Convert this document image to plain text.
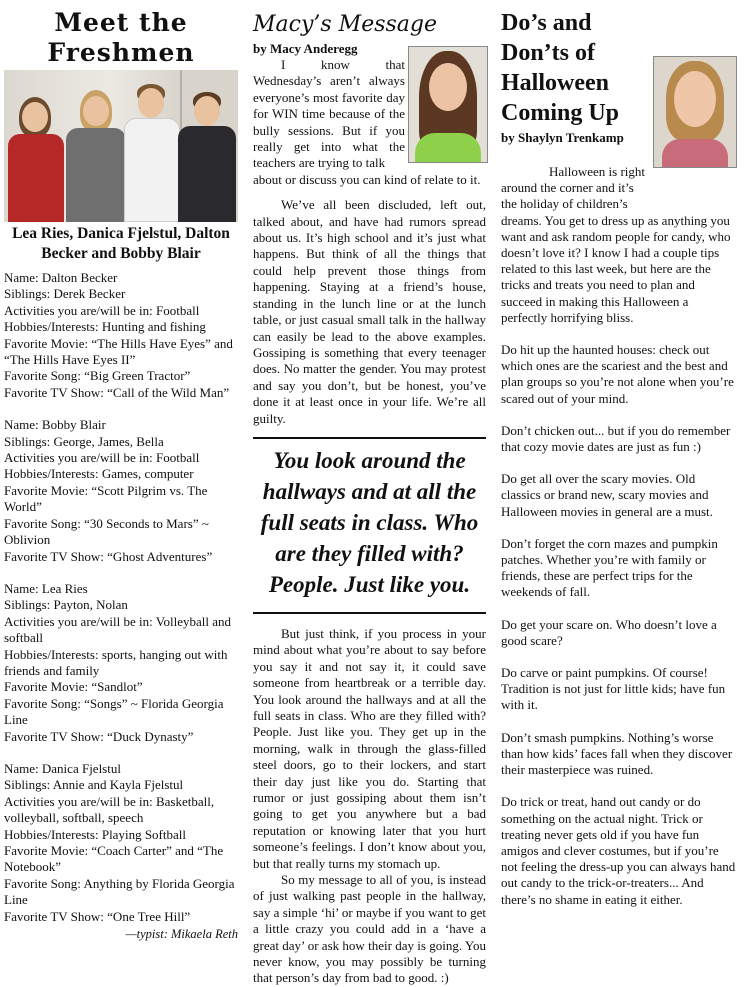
Meet the
Freshmen
Lea Ries, Danica Fjelstul, Dalton Becker and Bobby Blair
Name: Dalton Becker
Siblings: Derek Becker
Activities you are/will be in: Football
Hobbies/Interests: Hunting and fishing
Favorite Movie: “The Hills Have Eyes” and “The Hills Have Eyes II”
Favorite Song: “Big Green Tractor”
Favorite TV Show: “Call of the Wild Man”
Name: Bobby Blair
Siblings: George, James, Bella
Activities you are/will be in: Football
Hobbies/Interests: Games, computer
Favorite Movie: “Scott Pilgrim vs. The World”
Favorite Song: “30 Seconds to Mars” ~ Oblivion
Favorite TV Show: “Ghost Adventures”
Name: Lea Ries
Siblings: Payton, Nolan
Activities you are/will be in: Volleyball and softball
Hobbies/Interests: sports, hanging out with friends and family
Favorite Movie: “Sandlot”
Favorite Song: “Songs” ~ Florida Georgia Line
Favorite TV Show: “Duck Dynasty”
Name: Danica Fjelstul
Siblings: Annie and Kayla Fjelstul
Activities you are/will be in: Basketball, volleyball, softball, speech
Hobbies/Interests: Playing Softball
Favorite Movie: “Coach Carter” and “The Notebook”
Favorite Song: Anything by Florida Georgia Line
Favorite TV Show: “One Tree Hill”
—typist: Mikaela Reth
Macy’s Message
by Macy Anderegg

I know that Wednesday’s aren’t always everyone’s most favorite day for WIN time because of the bully sessions. But if you really get into what the teachers are trying to talk

about or discuss you can kind of relate to it.

We’ve all been discluded, left out, talked about, and have had rumors spread about us. It’s high school and it’s just what happens. But think of all the things that could help prevent those things from happening. Staying at a friend’s house, standing in the lunch line or at the lunch table, or just casual small talk in the hallway can easily be lead to the above examples. Gossiping is something that every teenager does. No matter the gender. You may protest and say you don’t, but be honest, you’ve done it at least once in your life. We’re all guilty.

You look around the hallways and at all the full seats in class. Who are they filled with? People. Just like you.

But just think, if you process in your mind about what you’re about to say before you say it and not say it, it could save someone from heartbreak or a terrible day. You look around the hallways and at all the full seats in class. Who are they filled with? People. Just like you. They get up in the morning, walk in through the glass-filled steel doors, go to their lockers, and start their day just like you do. Starting that rumor or just gossiping about them isn’t going to get you anywhere but a bad reputation or knowing later that you hurt someone’s feelings. I don’t know about you, but that really turns my stomach up.

So my message to all of you, is instead of just walking past people in the hallway, say a simple ‘hi’ or maybe if you want to get a little crazy you could add in a ‘have a great day’ or ask how their day is going. You never know, you may possibly be turning that person’s day from bad to good. :)

Do’s and Don’ts of Halloween Coming Up
by Shaylyn Trenkamp

Halloween is right around the corner and it’s the holiday of children’s

dreams. You get to dress up as anything you want and ask random people for candy, who doesn’t love it? I know I had a couple tips related to this last week, but here are the tricks and treats you need to plan and succeed in making this Halloween a perfectly horrifying bliss.

Do hit up the haunted houses: check out which ones are the scariest and the best and plan groups so you’re not alone when you’re scared out of your mind.

Don’t chicken out... but if you do remember that cozy movie dates are just as fun :)

Do get all over the scary movies. Old classics or brand new, scary movies and Halloween movies in general are a must.

Don’t forget the corn mazes and pumpkin patches. Whether you’re with family or friends, these are perfect trips for the weekends of fall.

Do get your scare on. Who doesn’t love a good scare?

Do carve or paint pumpkins. Of course! Tradition is not just for little kids; have fun with it.

Don’t smash pumpkins. Nothing’s worse than how kids’ faces fall when they discover their masterpiece was ruined.

Do trick or treat, hand out candy or do something on the actual night. Trick or treating never gets old if you have fun amigos and clever costumes, but if you’re not feeling the dress-up you can always hand out candy to the trick-or-treaters... And there’s no shame in eating it either.
